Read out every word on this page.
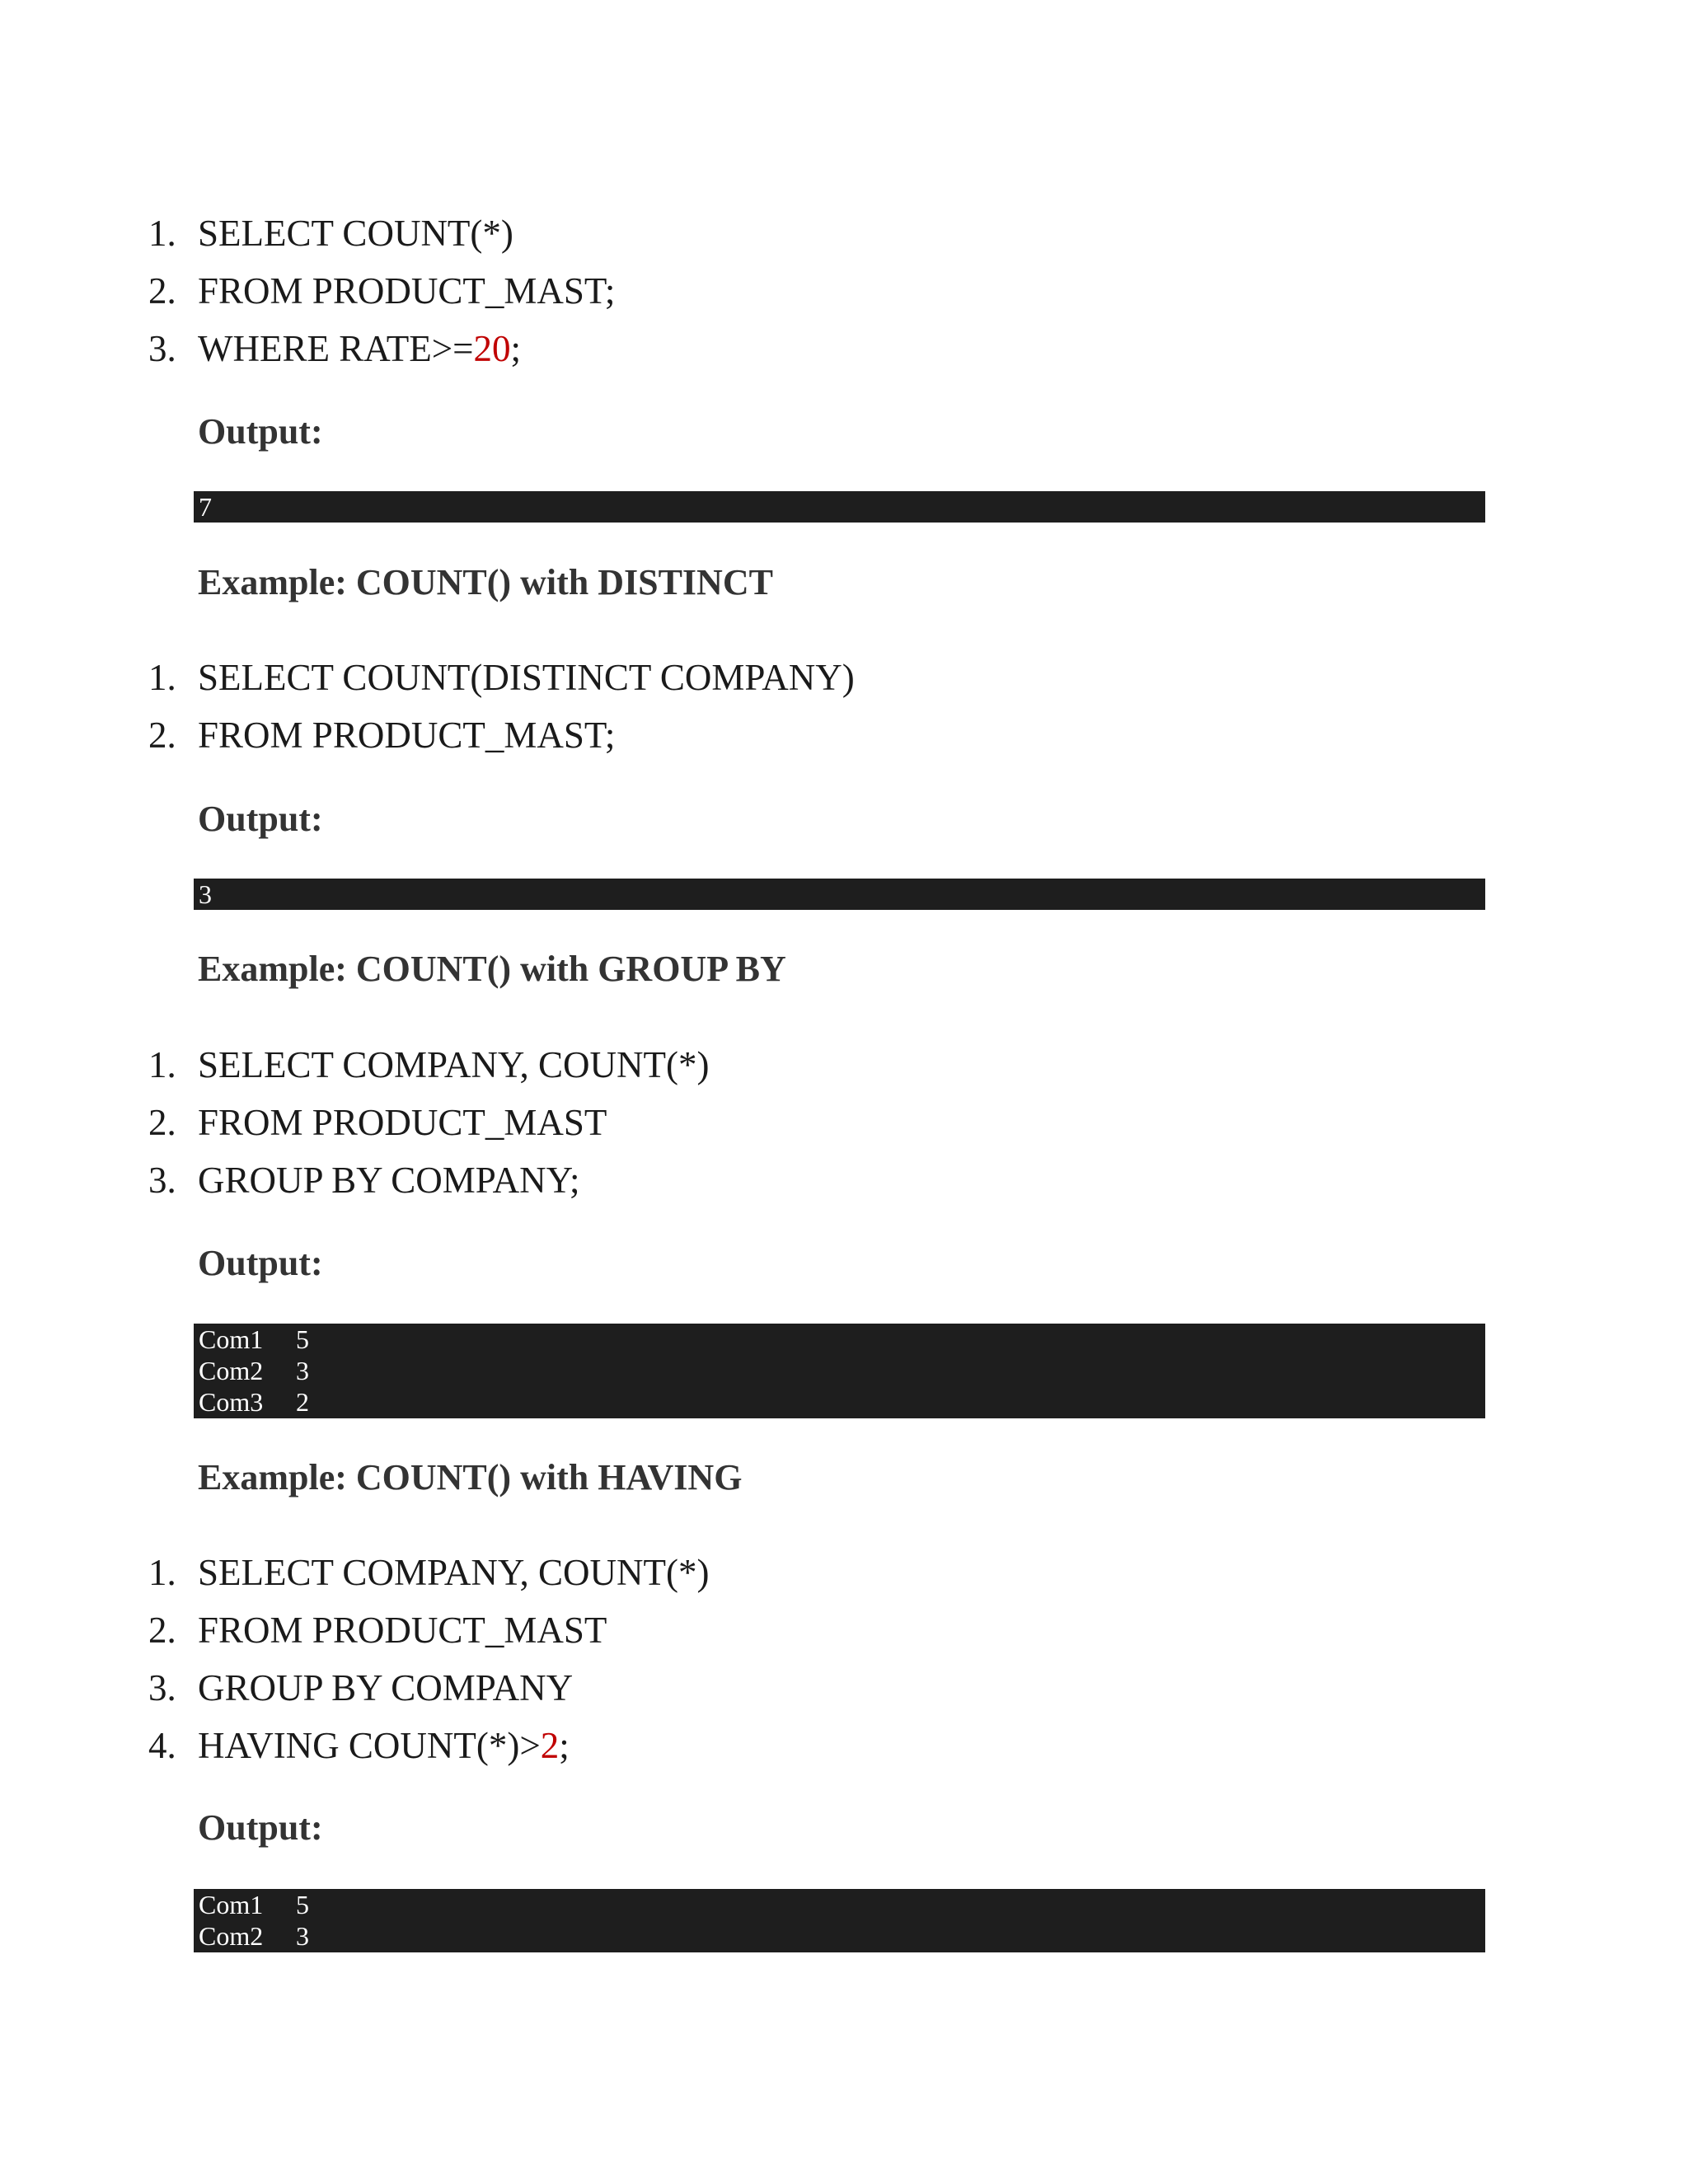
1. SELECT COUNT(*)
2. FROM PRODUCT_MAST;
3. WHERE RATE>=20;
Output:
7
Example: COUNT() with DISTINCT
1. SELECT COUNT(DISTINCT COMPANY)
2. FROM PRODUCT_MAST;
Output:
3
Example: COUNT() with GROUP BY
1. SELECT COMPANY, COUNT(*)
2. FROM PRODUCT_MAST
3. GROUP BY COMPANY;
Output:
Com1	5
Com2	3
Com3	2
Example: COUNT() with HAVING
1. SELECT COMPANY, COUNT(*)
2. FROM PRODUCT_MAST
3. GROUP BY COMPANY
4. HAVING COUNT(*)>2;
Output:
Com1	5
Com2	3
